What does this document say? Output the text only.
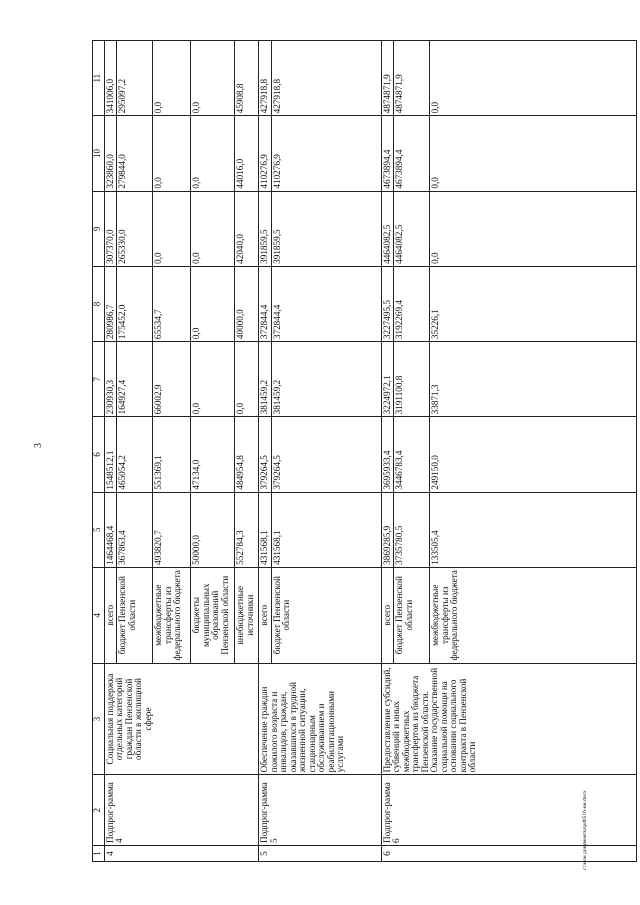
3
1	2	3	4	5	6	7	8	9	10	11
4	Подпрог-рамма 4	Социальная поддержка отдельных категорий граждан Пензенской области в жилищной сфере	всего	1464468,4	1548512,1	230930,3	280986,7	307370,0	323860,0	341006,0
			бюджет Пензенской области	367863,4	465054,2	164927,4	175452,0	265330,0	279844,0	295097,2
			межбюджетные трансферты из федерального бюджета	493820,7	551369,1	66002,9	65534,7	0,0	0,0	0,0
			бюджеты муниципальных образований Пензенской области	50000,0	47134,0	0,0	0,0	0,0	0,0	0,0
			внебюджетные источники	552784,3	484954,8	0,0	40000,0	42040,0	44016,0	45908,8
5	Подпрог-рамма 5	Обеспечение граждан пожилого возраста и инвалидов, граждан, оказавшихся в трудной жизненной ситуации, стационарным обслуживанием и реабилитационными услугами	всего	431568,1	379264,5	381459,2	372844,4	391859,5	410276,9	427918,8
			бюджет Пензенской области	431568,1	379264,5	381459,2	372844,4	391859,5	410276,9	427918,8
6	Подпрог-рамма 6	Предоставление субсидий, субвенций и иных межбюджетных трансфертов из бюджета Пензенской области. Оказание государственной социальной помощи на основании социального контракта в Пензенской области	всего	3869285,9	3695933,4	3224972,1	3227495,5	4464082,5	4673894,4	4874871,9
			бюджет Пензенской области	3735780,5	3446783,4	3191100,8	3192269,4	4464082,5	4673894,4	4874871,9
			межбюджетные трансферты из федерального бюджета	133505,4	249150,0	33871,3	35226,1	0,0	0,0	0,0
c:\мои документы\pd0516-ни.docx
